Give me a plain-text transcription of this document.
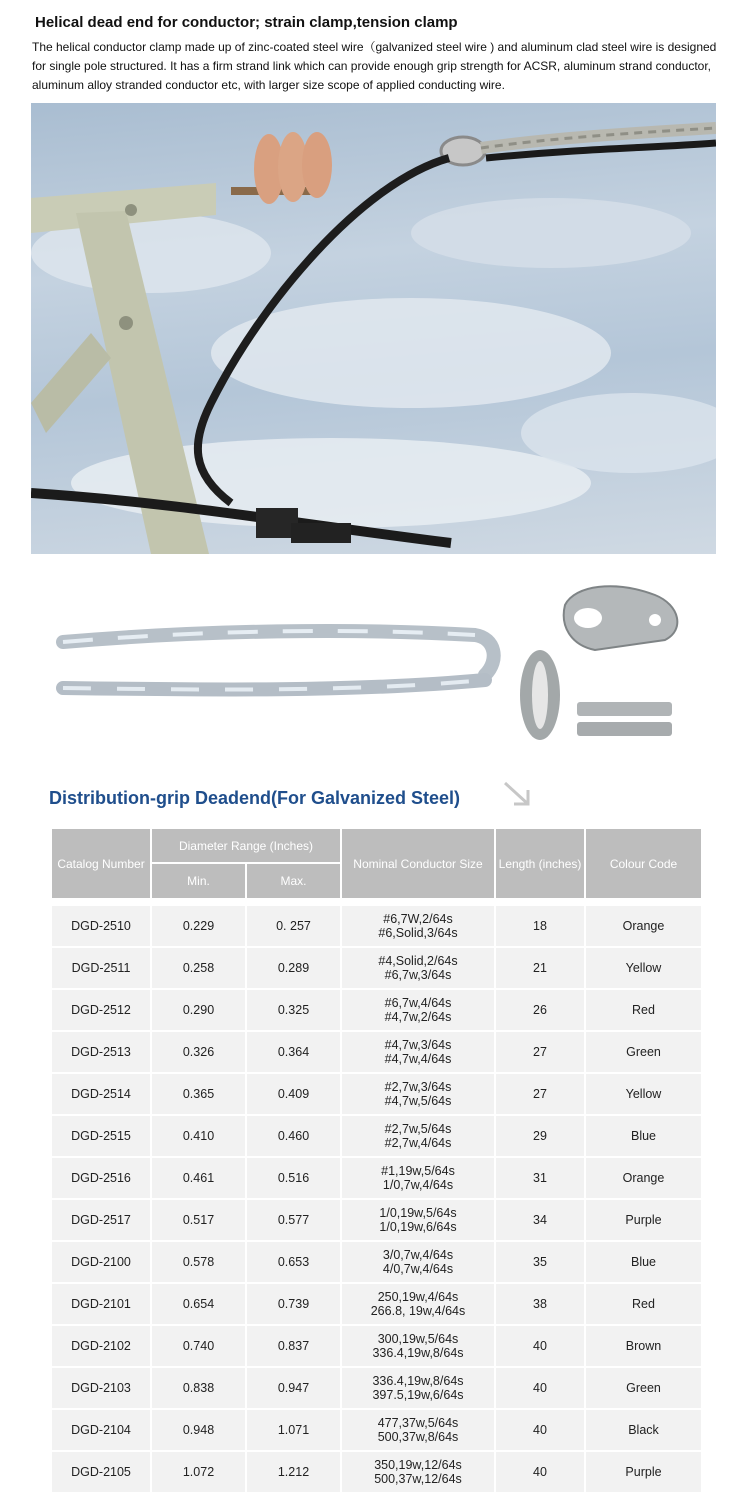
Helical dead end for conductor; strain clamp,tension clamp
The helical conductor clamp made up of zinc-coated steel wire（galvanized steel wire ) and aluminum clad steel wire is designed for single pole structured. It has a firm strand link which can provide enough grip strength for ACSR, aluminum strand conductor, aluminum alloy stranded conductor etc, with larger size scope of applied conducting wire.
Distribution-grip Deadend(For Galvanized Steel)
Catalog Number	Diameter Range (Inches)		Nominal Conductor Size	Length (inches)	Colour Code
	Min.	Max.			

DGD-2510	0.229	0. 257	#6,7W,2/64s
#6,Solid,3/64s	18	Orange
DGD-2511	0.258	0.289	#4,Solid,2/64s
#6,7w,3/64s	21	Yellow
DGD-2512	0.290	0.325	#6,7w,4/64s
#4,7w,2/64s	26	Red
DGD-2513	0.326	0.364	#4,7w,3/64s
#4,7w,4/64s	27	Green
DGD-2514	0.365	0.409	#2,7w,3/64s
#4,7w,5/64s	27	Yellow
DGD-2515	0.410	0.460	#2,7w,5/64s
#2,7w,4/64s	29	Blue
DGD-2516	0.461	0.516	#1,19w,5/64s
1/0,7w,4/64s	31	Orange
DGD-2517	0.517	0.577	1/0,19w,5/64s
1/0,19w,6/64s	34	Purple
DGD-2100	0.578	0.653	3/0,7w,4/64s
4/0,7w,4/64s	35	Blue
DGD-2101	0.654	0.739	250,19w,4/64s
266.8, 19w,4/64s	38	Red
DGD-2102	0.740	0.837	300,19w,5/64s
336.4,19w,8/64s	40	Brown
DGD-2103	0.838	0.947	336.4,19w,8/64s
397.5,19w,6/64s	40	Green
DGD-2104	0.948	1.071	477,37w,5/64s
500,37w,8/64s	40	Black
DGD-2105	1.072	1.212	350,19w,12/64s
500,37w,12/64s	40	Purple
